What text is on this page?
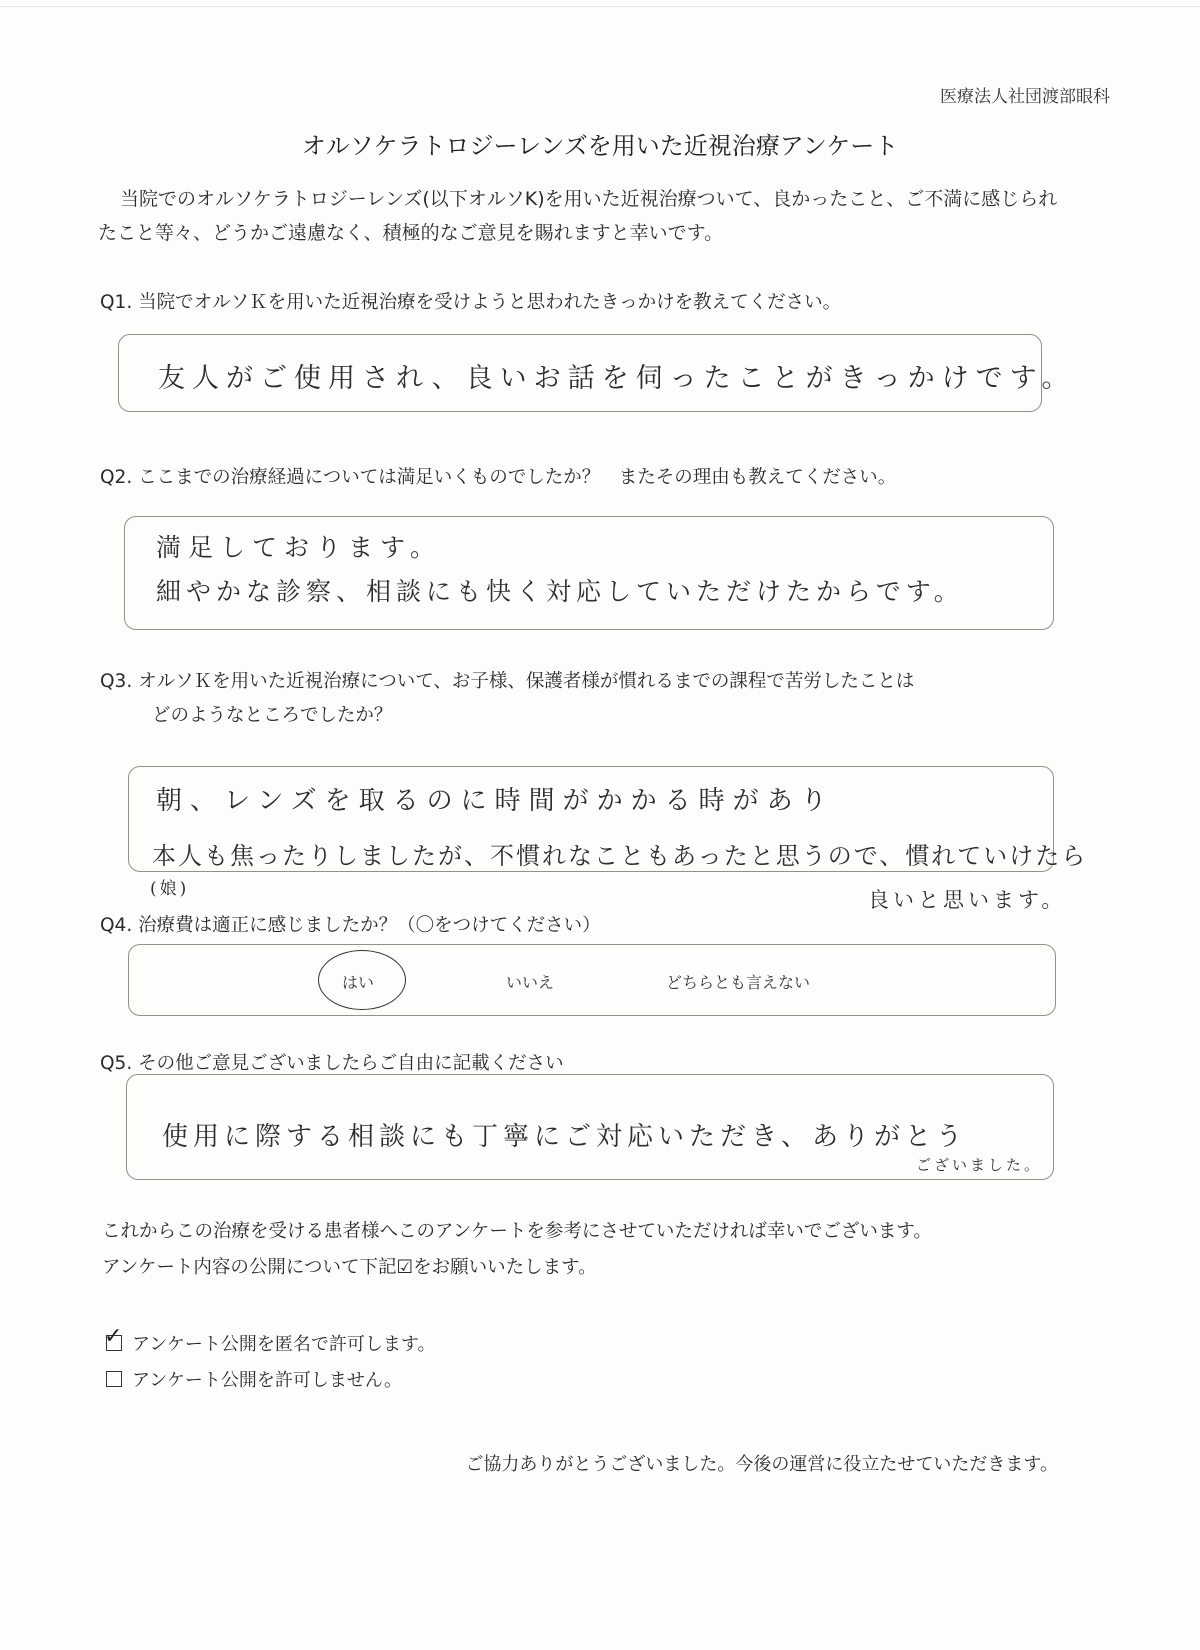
医療法人社団渡部眼科
オルソケラトロジーレンズを用いた近視治療アンケート
当院でのオルソケラトロジーレンズ(以下オルソK)を用いた近視治療ついて、良かったこと、ご不満に感じられたこと等々、どうかご遠慮なく、積極的なご意見を賜れますと幸いです。
Q1. 当院でオルソＫを用いた近視治療を受けようと思われたきっかけを教えてください。
友人がご使用され、良いお話を伺ったことがきっかけです。
Q2. ここまでの治療経過については満足いくものでしたか？　またその理由も教えてください。
満足しております。
細やかな診察、相談にも快く対応していただけたからです。
Q3. オルソＫを用いた近視治療について、お子様、保護者様が慣れるまでの課程で苦労したことは
どのようなところでしたか？
朝、レンズを取るのに時間がかかる時があり
本人も焦ったりしましたが、不慣れなこともあったと思うので、慣れていけたら
(娘)	良いと思います。
Q4. 治療費は適正に感じましたか？（〇をつけてください）
はい	いいえ	どちらとも言えない
Q5. その他ご意見ございましたらご自由に記載ください
使用に際する相談にも丁寧にご対応いただき、ありがとう
ございました。
これからこの治療を受ける患者様へこのアンケートを参考にさせていただければ幸いでございます。
アンケート内容の公開について下記☑をお願いいたします。
✓ アンケート公開を匿名で許可します。
アンケート公開を許可しません。
ご協力ありがとうございました。今後の運営に役立たせていただきます。
